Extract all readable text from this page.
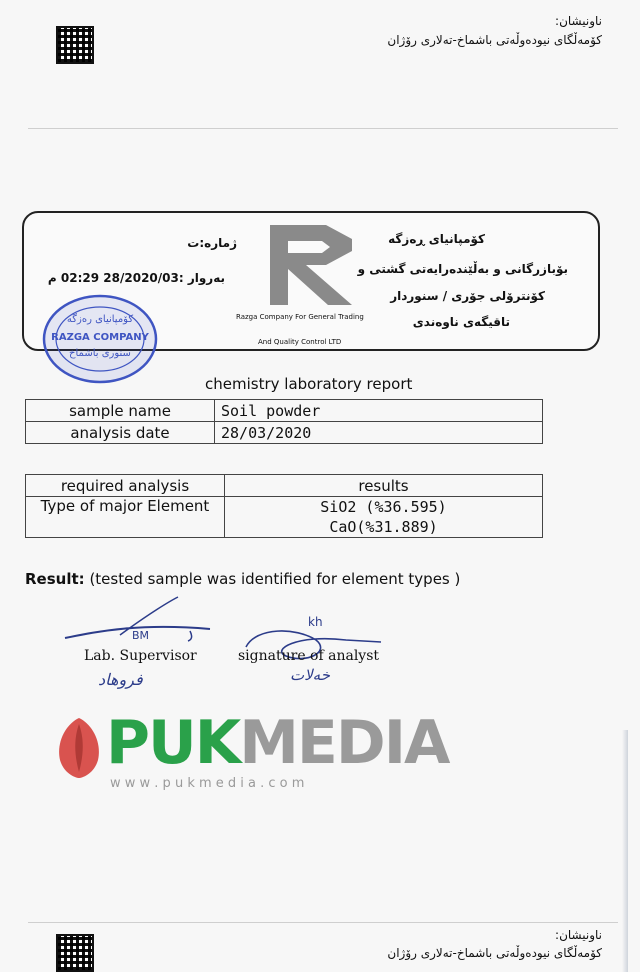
ناونیشان:
کۆمەڵگای نیودەوڵەتی باشماخ-تەلاری رۆژان
ژمارە:ت
بەروار :28/2020/03 02:29 م
Razga Company For General Trading
And Quality Control LTD
کۆمپانیای ڕەزگە
بۆبازرگانی و بەڵێندەرایەتی گشتی و
کۆنترۆلی جۆری / سنوردار
تاقیگەی ناوەندی
کۆمپانیای رەزگە
RAZGA COMPANY
سنوری باشماخ
chemistry laboratory report
sample name	Soil powder
analysis date	28/03/2020
required analysis	results
Type of major Element	SiO2 (%36.595)
CaO(%31.889)
Result: (tested sample was identified for element types )
BM
Lab. Supervisor
فروهاد
kh
signature of analyst
خەلات
PUKMEDIA
w w w . p u k m e d i a . c o m
ناونیشان:
کۆمەڵگای نیودەوڵەتی باشماخ-تەلاری رۆژان
